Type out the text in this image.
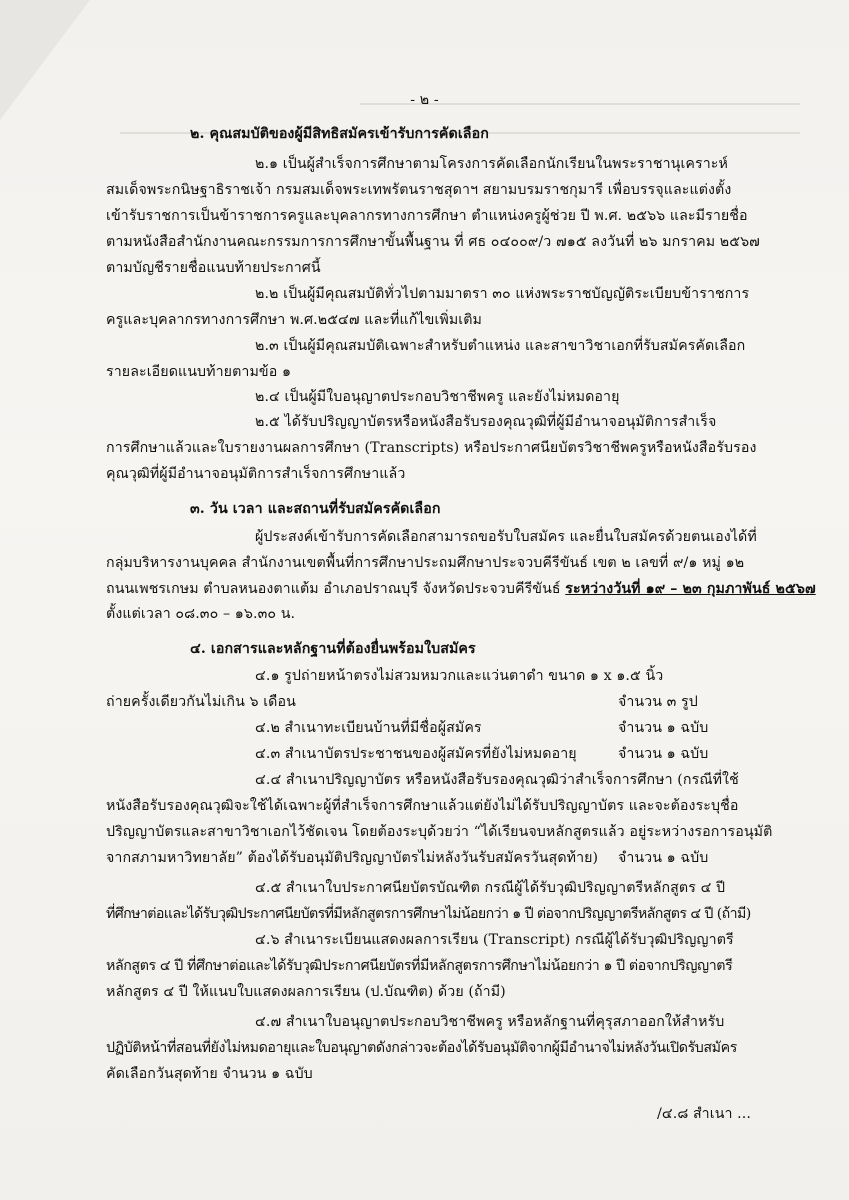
- ๒ -
๒. คุณสมบัติของผู้มีสิทธิสมัครเข้ารับการคัดเลือก
๒.๑ เป็นผู้สำเร็จการศึกษาตามโครงการคัดเลือกนักเรียนในพระราชานุเคราะห์
สมเด็จพระกนิษฐาธิราชเจ้า กรมสมเด็จพระเทพรัตนราชสุดาฯ สยามบรมราชกุมารี เพื่อบรรจุและแต่งตั้ง
เข้ารับราชการเป็นข้าราชการครูและบุคลากรทางการศึกษา ตำแหน่งครูผู้ช่วย ปี พ.ศ. ๒๕๖๖ และมีรายชื่อ
ตามหนังสือสำนักงานคณะกรรมการการศึกษาขั้นพื้นฐาน ที่ ศธ ๐๔๐๐๙/ว ๗๑๕ ลงวันที่ ๒๖ มกราคม ๒๕๖๗
ตามบัญชีรายชื่อแนบท้ายประกาศนี้
๒.๒ เป็นผู้มีคุณสมบัติทั่วไปตามมาตรา ๓๐ แห่งพระราชบัญญัติระเบียบข้าราชการ
ครูและบุคลากรทางการศึกษา พ.ศ.๒๕๔๗ และที่แก้ไขเพิ่มเติม
๒.๓ เป็นผู้มีคุณสมบัติเฉพาะสำหรับตำแหน่ง และสาขาวิชาเอกที่รับสมัครคัดเลือก
รายละเอียดแนบท้ายตามข้อ ๑
๒.๔ เป็นผู้มีใบอนุญาตประกอบวิชาชีพครู และยังไม่หมดอายุ
๒.๕ ได้รับปริญญาบัตรหรือหนังสือรับรองคุณวุฒิที่ผู้มีอำนาจอนุมัติการสำเร็จ
การศึกษาแล้วและใบรายงานผลการศึกษา (Transcripts) หรือประกาศนียบัตรวิชาชีพครูหรือหนังสือรับรอง
คุณวุฒิที่ผู้มีอำนาจอนุมัติการสำเร็จการศึกษาแล้ว
๓. วัน เวลา และสถานที่รับสมัครคัดเลือก
ผู้ประสงค์เข้ารับการคัดเลือกสามารถขอรับใบสมัคร และยื่นใบสมัครด้วยตนเองได้ที่
กลุ่มบริหารงานบุคคล สำนักงานเขตพื้นที่การศึกษาประถมศึกษาประจวบคีรีขันธ์ เขต ๒ เลขที่ ๙/๑ หมู่ ๑๒
ถนนเพชรเกษม ตำบลหนองตาแต้ม อำเภอปราณบุรี จังหวัดประจวบคีรีขันธ์ ระหว่างวันที่ ๑๙ – ๒๓ กุมภาพันธ์ ๒๕๖๗
ตั้งแต่เวลา ๐๘.๓๐ – ๑๖.๓๐ น.
๔. เอกสารและหลักฐานที่ต้องยื่นพร้อมใบสมัคร
๔.๑ รูปถ่ายหน้าตรงไม่สวมหมวกและแว่นตาดำ ขนาด ๑ x ๑.๕ นิ้ว
ถ่ายครั้งเดียวกันไม่เกิน ๖ เดือน	จำนวน ๓ รูป
๔.๒ สำเนาทะเบียนบ้านที่มีชื่อผู้สมัคร	จำนวน ๑ ฉบับ
๔.๓ สำเนาบัตรประชาชนของผู้สมัครที่ยังไม่หมดอายุ	จำนวน ๑ ฉบับ
๔.๔ สำเนาปริญญาบัตร หรือหนังสือรับรองคุณวุฒิว่าสำเร็จการศึกษา (กรณีที่ใช้
หนังสือรับรองคุณวุฒิจะใช้ได้เฉพาะผู้ที่สำเร็จการศึกษาแล้วแต่ยังไม่ได้รับปริญญาบัตร และจะต้องระบุชื่อ
ปริญญาบัตรและสาขาวิชาเอกไว้ชัดเจน โดยต้องระบุด้วยว่า “ได้เรียนจบหลักสูตรแล้ว อยู่ระหว่างรอการอนุมัติ
จากสภามหาวิทยาลัย” ต้องได้รับอนุมัติปริญญาบัตรไม่หลังวันรับสมัครวันสุดท้าย) จำนวน ๑ ฉบับ
๔.๕ สำเนาใบประกาศนียบัตรบัณฑิต กรณีผู้ได้รับวุฒิปริญญาตรีหลักสูตร ๔ ปี
ที่ศึกษาต่อและได้รับวุฒิประกาศนียบัตรที่มีหลักสูตรการศึกษาไม่น้อยกว่า ๑ ปี ต่อจากปริญญาตรีหลักสูตร ๔ ปี (ถ้ามี)
๔.๖ สำเนาระเบียนแสดงผลการเรียน (Transcript) กรณีผู้ได้รับวุฒิปริญญาตรี
หลักสูตร ๔ ปี ที่ศึกษาต่อและได้รับวุฒิประกาศนียบัตรที่มีหลักสูตรการศึกษาไม่น้อยกว่า ๑ ปี ต่อจากปริญญาตรี
หลักสูตร ๔ ปี ให้แนบใบแสดงผลการเรียน (ป.บัณฑิต) ด้วย (ถ้ามี)
๔.๗ สำเนาใบอนุญาตประกอบวิชาชีพครู หรือหลักฐานที่คุรุสภาออกให้สำหรับ
ปฏิบัติหน้าที่สอนที่ยังไม่หมดอายุและใบอนุญาตดังกล่าวจะต้องได้รับอนุมัติจากผู้มีอำนาจไม่หลังวันเปิดรับสมัคร
คัดเลือกวันสุดท้าย จำนวน ๑ ฉบับ
/๔.๘ สำเนา ...
